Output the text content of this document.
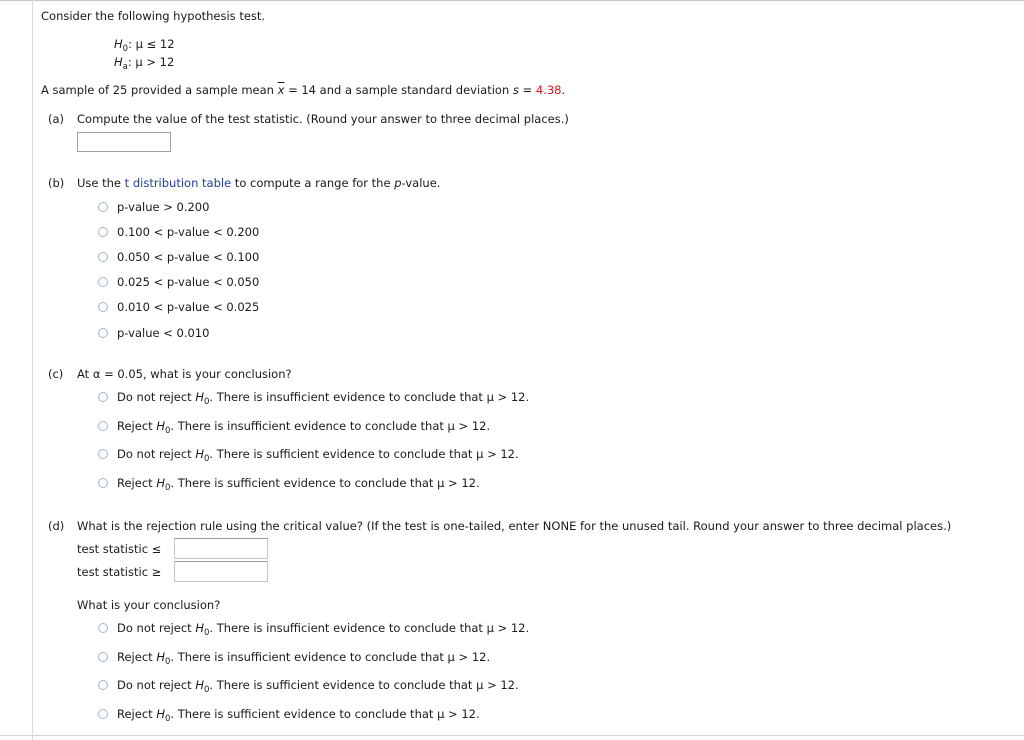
Consider the following hypothesis test.
$H_0$: μ ≤ 12
$H_a$: μ > 12
A sample of 25 provided a sample mean $\overline{x} = 14$ and a sample standard deviation s = 4.38.
(a) Compute the value of the test statistic. (Round your answer to three decimal places.)
(b) Use the t distribution table to compute a range for the p-value.
p-value > 0.200
0.100 < p-value < 0.200
0.050 < p-value < 0.100
0.025 < p-value < 0.050
0.010 < p-value < 0.025
p-value < 0.010
(c) At α = 0.05, what is your conclusion?
Do not reject $H_0$. There is insufficient evidence to conclude that μ > 12.
Reject $H_0$. There is insufficient evidence to conclude that μ > 12.
Do not reject $H_0$. There is sufficient evidence to conclude that μ > 12.
Reject $H_0$. There is sufficient evidence to conclude that μ > 12.
(d) What is the rejection rule using the critical value? (If the test is one-tailed, enter NONE for the unused tail. Round your answer to three decimal places.)
test statistic ≤
test statistic ≥
What is your conclusion?
Do not reject $H_0$. There is insufficient evidence to conclude that μ > 12.
Reject $H_0$. There is insufficient evidence to conclude that μ > 12.
Do not reject $H_0$. There is sufficient evidence to conclude that μ > 12.
Reject $H_0$. There is sufficient evidence to conclude that μ > 12.
